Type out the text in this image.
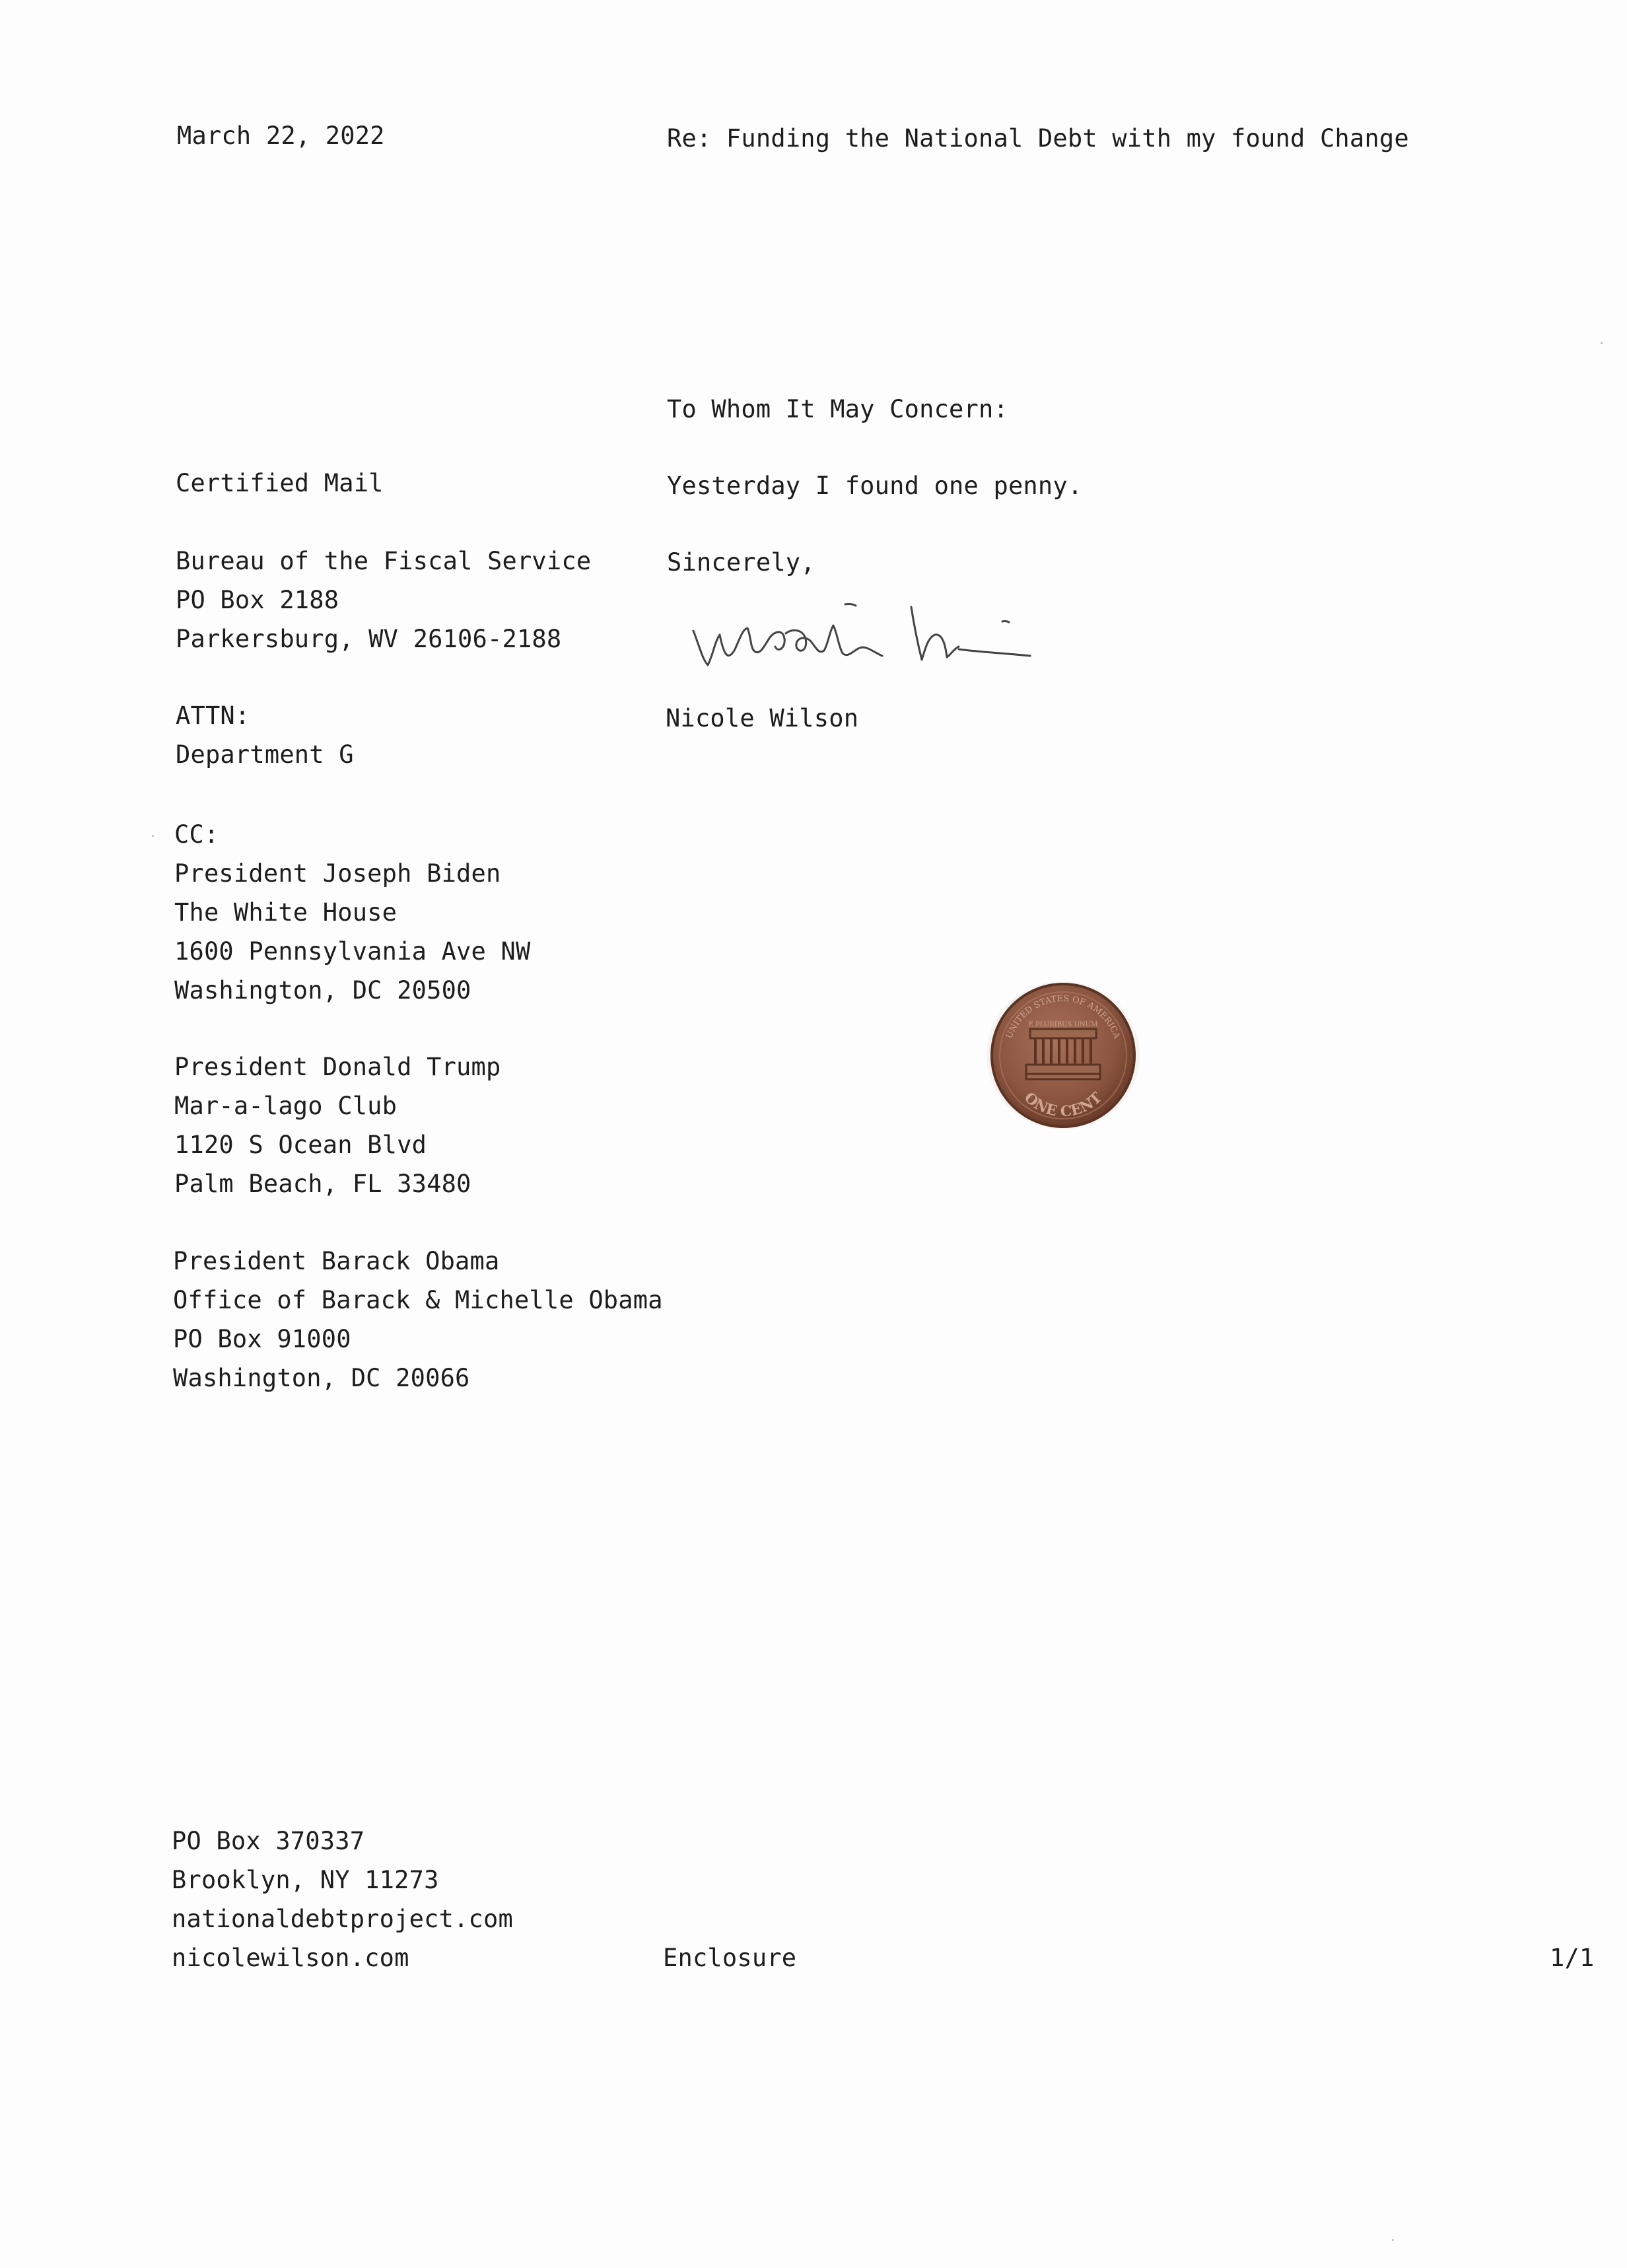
March 22, 2022	Re: Funding the National Debt with my found Change
To Whom It May Concern:
Yesterday I found one penny.
Sincerely,
Nicole Wilson
Certified Mail
Bureau of the Fiscal Service
PO Box 2188
Parkersburg, WV 26106-2188
ATTN:
Department G
CC:
President Joseph Biden
The White House
1600 Pennsylvania Ave NW
Washington, DC 20500
President Donald Trump
Mar-a-lago Club
1120 S Ocean Blvd
Palm Beach, FL 33480
President Barack Obama
Office of Barack & Michelle Obama
PO Box 91000
Washington, DC 20066
UNITED STATES OF AMERICA
ONE CENT
E PLURIBUS UNUM
PO Box 370337
Brooklyn, NY 11273
nationaldebtproject.com
nicolewilson.com	Enclosure	1/1
